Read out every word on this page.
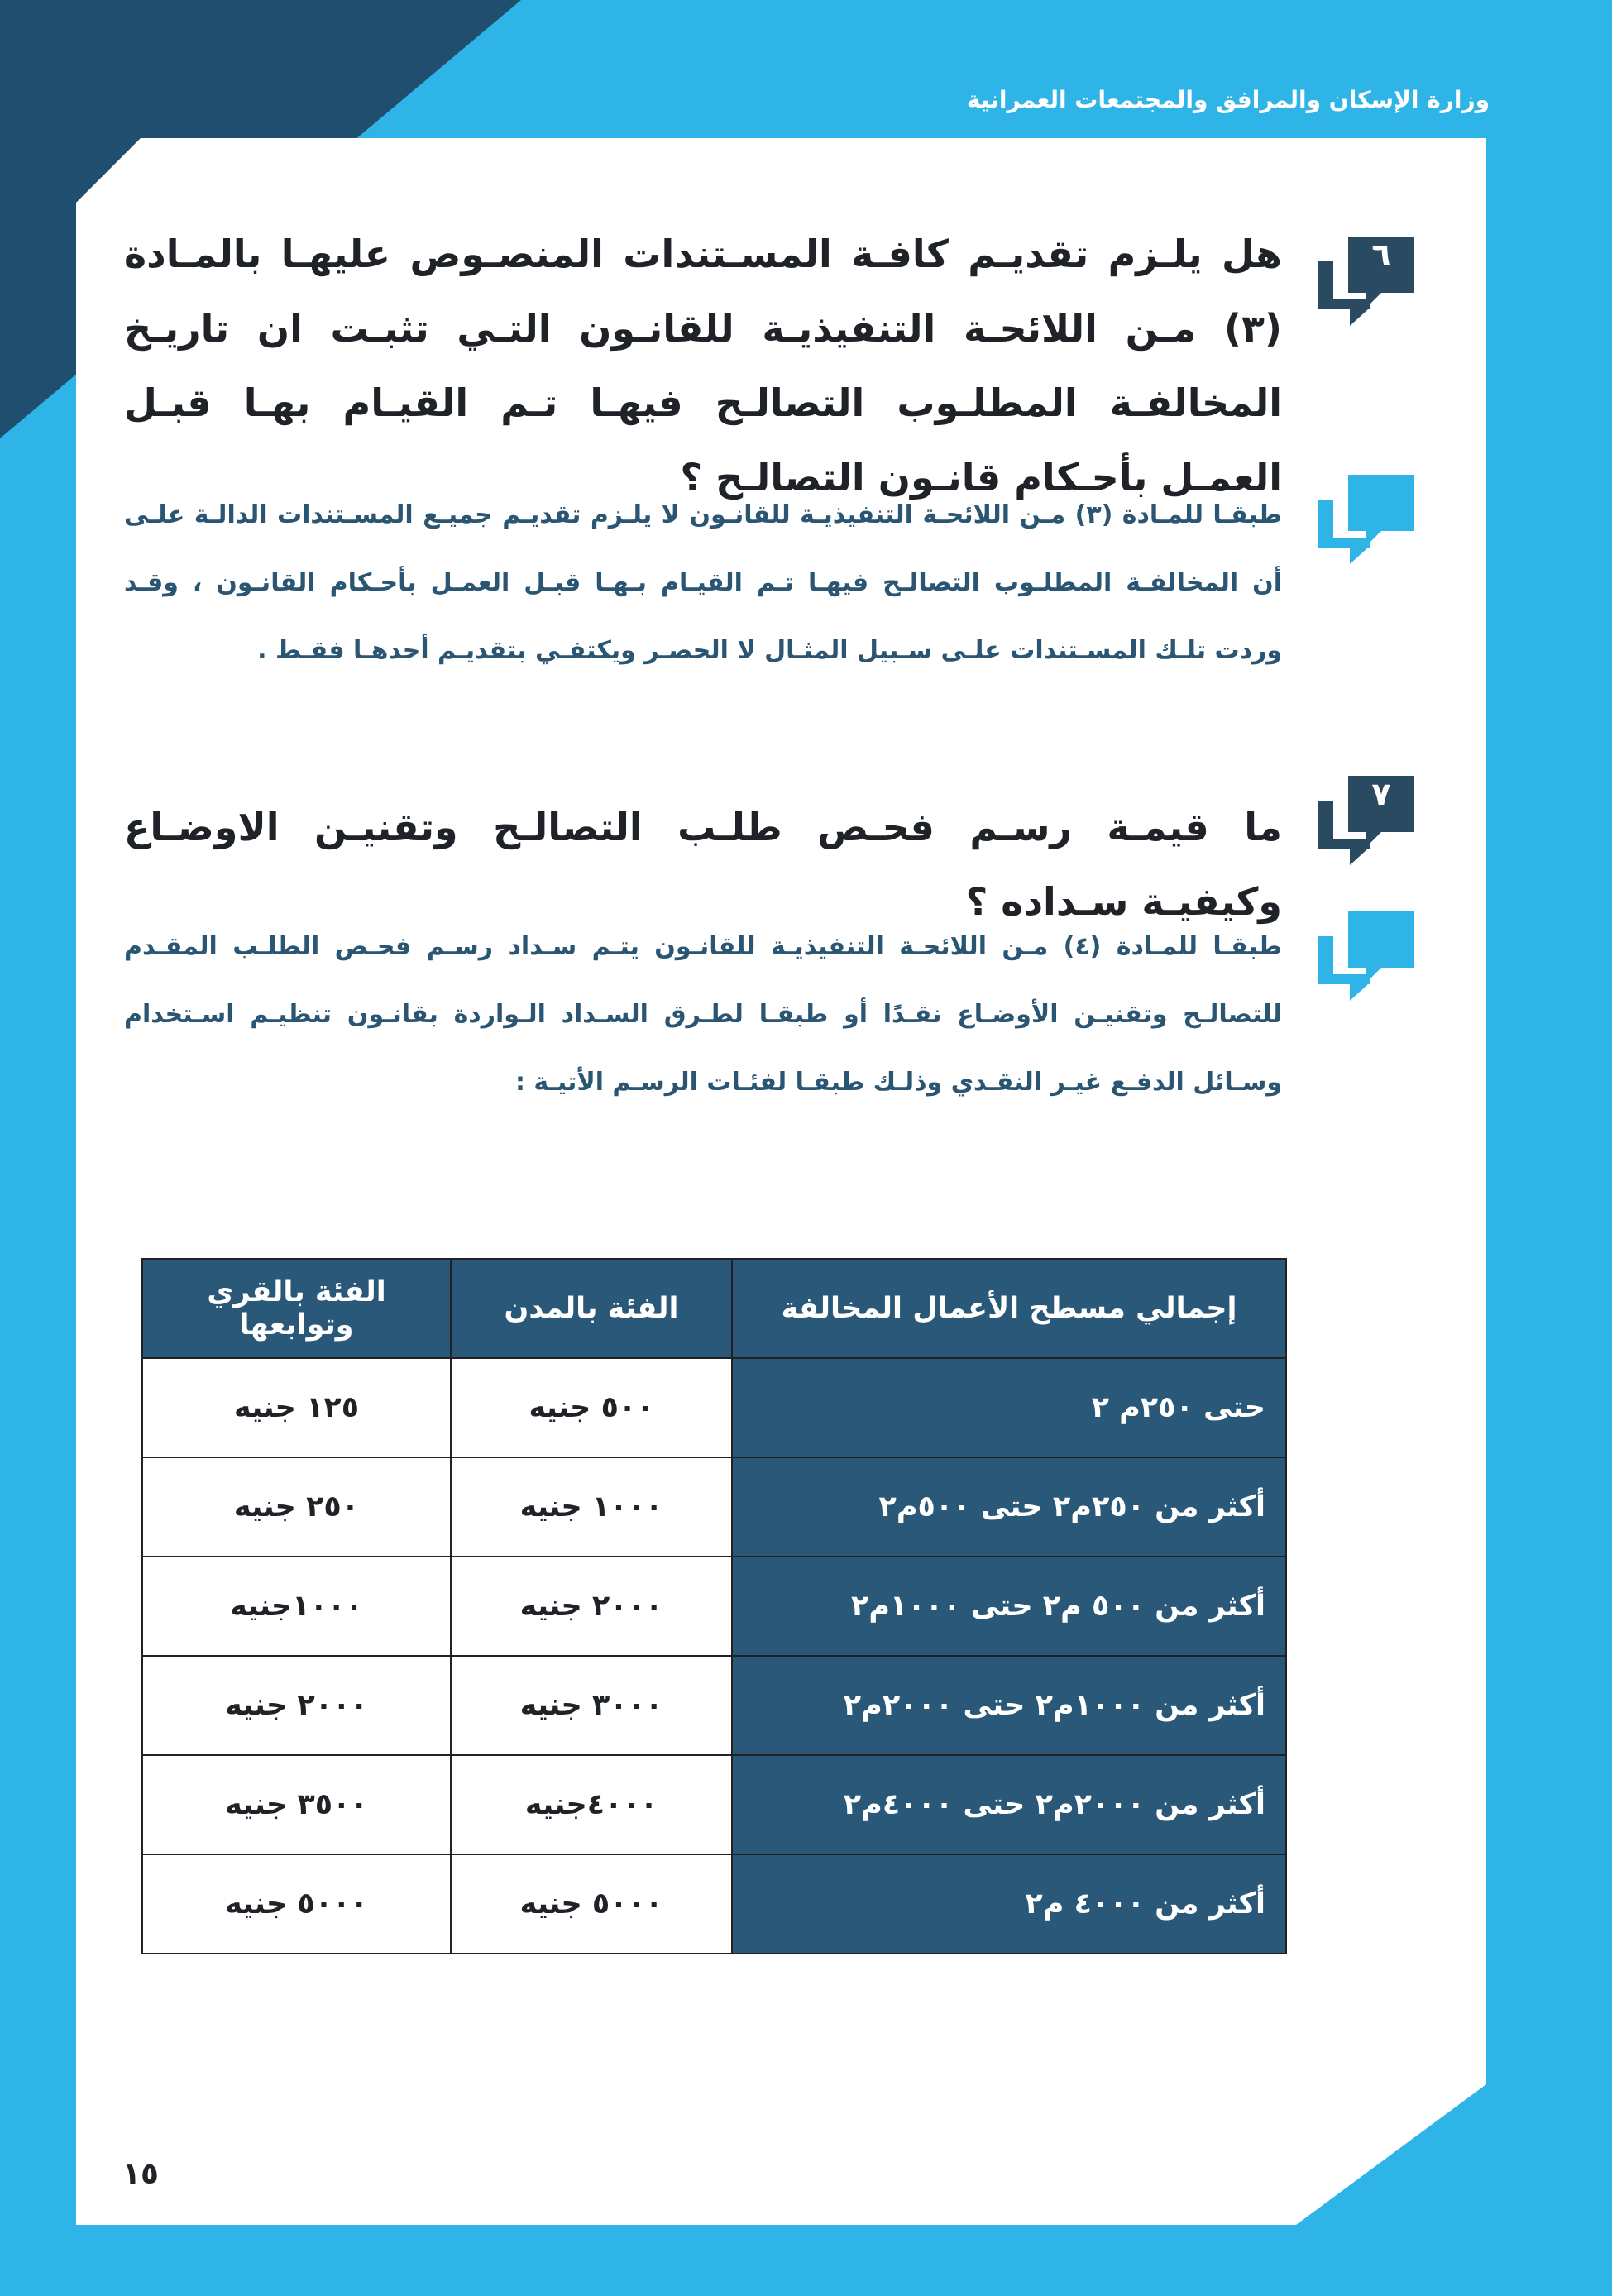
وزارة الإسكان والمرافق والمجتمعات العمرانية

٦

هل يلـزم تقديـم كافـة المسـتندات المنصـوص عليهـا بالمـادة (٣) مـن اللائحـة التنفيذيـة للقانـون التـي تثبـت ان تاريـخ المخالفـة المطلـوب التصالـح فيهـا تـم القيـام بهـا قبـل العمـل بأحـكام قانـون التصالـح ؟

طبقـا للمـادة (٣) مـن اللائحـة التنفيذيـة للقانـون لا يلـزم تقديـم جميـع المسـتندات الدالـة علـى أن المخالفـة المطلـوب التصالـح فيهـا تـم القيـام بـهـا قبـل العمـل بأحـكام القانـون ، وقـد وردت تلـك المسـتندات علـى سـبيل المثـال لا الحصـر ويكتفـي بتقديـم أحدهـا فقـط .

٧

ما قيمـة رسـم فحـص طلـب التصالـح وتقنيـن الاوضـاع وكيفيـة سـداده ؟

طبقـا للمـادة (٤) مـن اللائحـة التنفيذيـة للقانـون يتـم سـداد رسـم فحـص الطلـب المقـدم للتصالـح وتقنيـن الأوضـاع نقـدًا أو طبقـا لطـرق السـداد الـواردة بقانـون تنظيـم اسـتخدام وسـائل الدفـع غيـر النقـدي وذلـك طبقـا لفئـات الرسـم الأتيـة :

إجمالي مسطح الأعمال المخالفة	الفئة بالمدن	الفئة بالقري وتوابعها
حتى ٢٥٠م ٢	٥٠٠ جنيه	١٢٥ جنيه
أكثر من ٢٥٠م٢ حتى ٥٠٠م٢	١٠٠٠ جنيه	٢٥٠ جنيه
أكثر من ٥٠٠ م٢ حتى ١٠٠٠م٢	٢٠٠٠ جنيه	١٠٠٠جنيه
أكثر من ١٠٠٠م٢ حتى ٢٠٠٠م٢	٣٠٠٠ جنيه	٢٠٠٠ جنيه
أكثر من ٢٠٠٠م٢ حتى ٤٠٠٠م٢	٤٠٠٠جنيه	٣٥٠٠ جنيه
أكثر من ٤٠٠٠ م٢	٥٠٠٠ جنيه	٥٠٠٠ جنيه

١٥
